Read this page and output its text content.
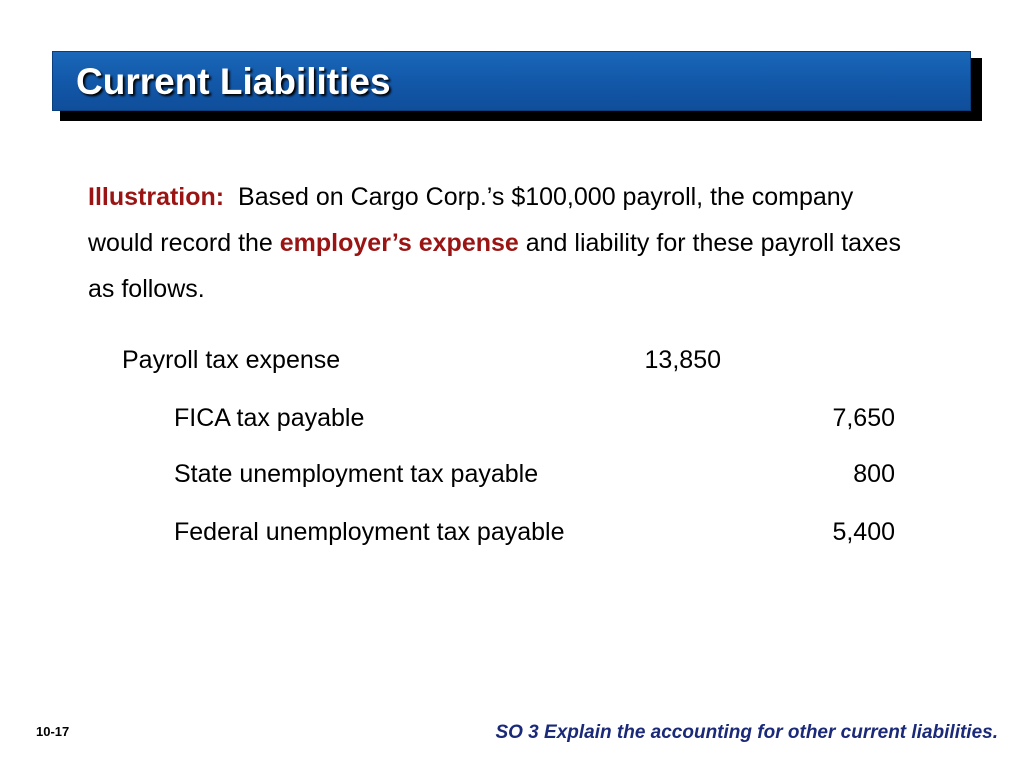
Current Liabilities
Illustration: Based on Cargo Corp.’s $100,000 payroll, the company would record the employer’s expense and liability for these payroll taxes as follows.
Payroll tax expense	13,850
FICA tax payable	7,650
State unemployment tax payable	800
Federal unemployment tax payable	5,400
10-17	SO 3 Explain the accounting for other current liabilities.
